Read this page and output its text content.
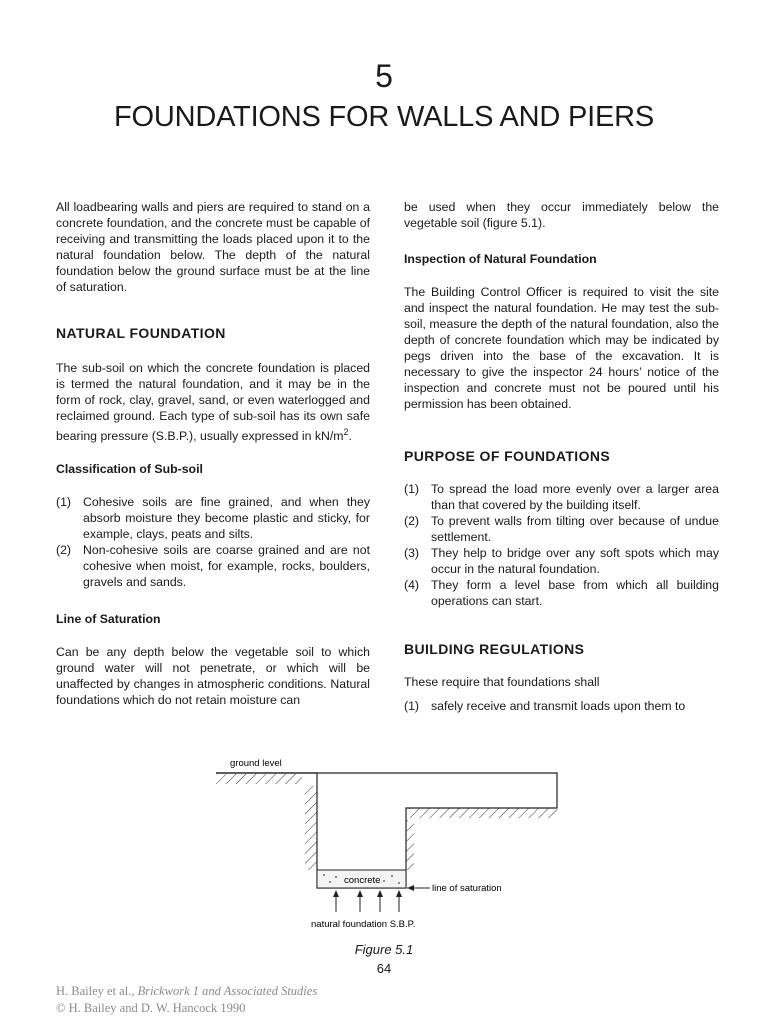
5
FOUNDATIONS FOR WALLS AND PIERS

All loadbearing walls and piers are required to stand on a concrete foundation, and the concrete must be capable of receiving and transmitting the loads placed upon it to the natural foundation below. The depth of the natural foundation below the ground surface must be at the line of saturation.

NATURAL FOUNDATION

The sub-soil on which the concrete foundation is placed is termed the natural foundation, and it may be in the form of rock, clay, gravel, sand, or even waterlogged and reclaimed ground. Each type of sub-soil has its own safe bearing pressure (S.B.P.), usually expressed in $kN/m^2$.

Classification of Sub-soil
(1) Cohesive soils are fine grained, and when they absorb moisture they become plastic and sticky, for example, clays, peats and silts.
(2) Non-cohesive soils are coarse grained and are not cohesive when moist, for example, rocks, boulders, gravels and sands.
Line of Saturation

Can be any depth below the vegetable soil to which ground water will not penetrate, or which will be unaffected by changes in atmospheric conditions. Natural foundations which do not retain moisture can

be used when they occur immediately below the vegetable soil (figure 5.1).

Inspection of Natural Foundation

The Building Control Officer is required to visit the site and inspect the natural foundation. He may test the sub-soil, measure the depth of the natural foundation, also the depth of concrete foundation which may be indicated by pegs driven into the base of the excavation. It is necessary to give the inspector 24 hours’ notice of the inspection and concrete must not be poured until his permission has been obtained.

PURPOSE OF FOUNDATIONS
(1) To spread the load more evenly over a larger area than that covered by the building itself.
(2) To prevent walls from tilting over because of undue settlement.
(3) They help to bridge over any soft spots which may occur in the natural foundation.
(4) They form a level base from which all building operations can start.
BUILDING REGULATIONS

These require that foundations shall

(1) safely receive and transmit loads upon them to
ground level
concrete
line of saturation
natural foundation S.B.P.
Figure 5.1
64
H. Bailey et al., Brickwork 1 and Associated Studies
© H. Bailey and D. W. Hancock 1990
